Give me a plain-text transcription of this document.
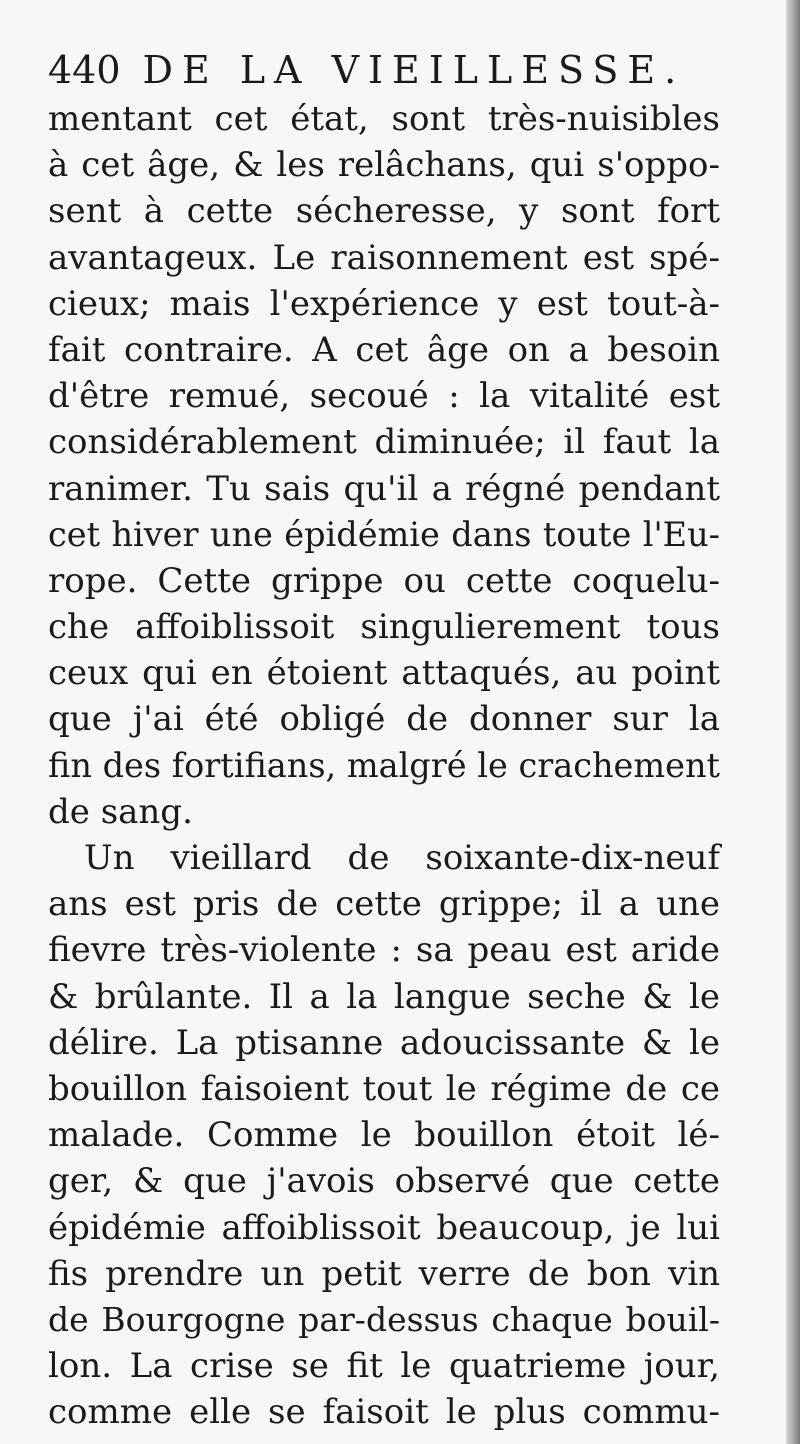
440 DE LA VIEILLESSE.
mentant cet état, sont très-nuisibles
à cet âge, & les relâchans, qui s'oppo-
sent à cette sécheresse, y sont fort
avantageux. Le raisonnement est spé-
cieux; mais l'expérience y est tout-à-
fait contraire. A cet âge on a besoin
d'être remué, secoué : la vitalité est
considérablement diminuée; il faut la
ranimer. Tu sais qu'il a régné pendant
cet hiver une épidémie dans toute l'Eu-
rope. Cette grippe ou cette coquelu-
che affoiblissoit singulierement tous
ceux qui en étoient attaqués, au point
que j'ai été obligé de donner sur la
fin des fortifians, malgré le crachement
de sang.
Un vieillard de soixante-dix-neuf
ans est pris de cette grippe; il a une
fievre très-violente : sa peau est aride
& brûlante. Il a la langue seche & le
délire. La ptisanne adoucissante & le
bouillon faisoient tout le régime de ce
malade. Comme le bouillon étoit lé-
ger, & que j'avois observé que cette
épidémie affoiblissoit beaucoup, je lui
fis prendre un petit verre de bon vin
de Bourgogne par-dessus chaque bouil-
lon. La crise se fit le quatrieme jour,
comme elle se faisoit le plus commu-
